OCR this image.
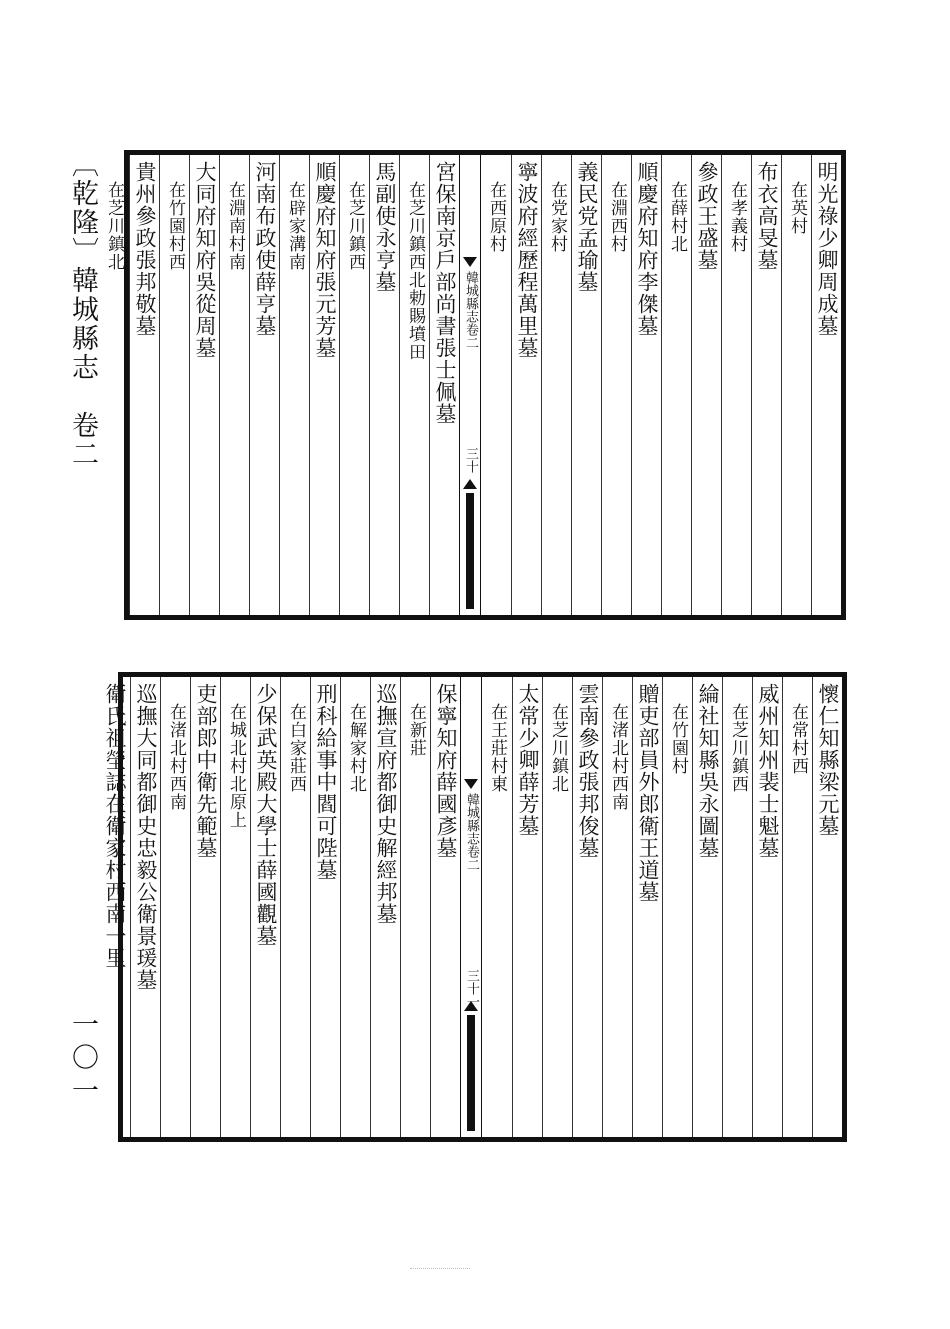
〔乾隆〕韓城縣志　卷二
一〇一
明光祿少卿周成墓
在英村
布衣高旻墓
在孝義村
參政王盛墓
在薛村北
順慶府知府李傑墓
在淵西村
義民党孟瑜墓
在党家村
寧波府經歷程萬里墓
在西原村
韓城縣志卷二
三十
宮保南京戶部尚書張士佩墓
在芝川鎮西北勅賜墳田
馬副使永亨墓
在芝川鎮西
順慶府知府張元芳墓
在辟家溝南
河南布政使薛亨墓
在淵南村南
大同府知府吳從周墓
在竹園村西
貴州參政張邦敬墓
在芝川鎮北
懷仁知縣梁元墓
在常村西
威州知州裴士魁墓
在芝川鎮西
綸社知縣吳永圖墓
在竹園村
贈吏部員外郎衛王道墓
在渚北村西南
雲南參政張邦俊墓
在芝川鎮北
太常少卿薛芳墓
在王莊村東
韓城縣志卷二
三十一
保寧知府薛國彥墓
在新莊
巡撫宣府都御史解經邦墓
在解家村北
刑科給事中閻可陛墓
在白家莊西
少保武英殿大學士薛國觀墓
在城北村北原上
吏部郎中衛先範墓
在渚北村西南
巡撫大同都御史忠毅公衛景瑗墓
衛氏祖塋誌在衛家村西南一里
